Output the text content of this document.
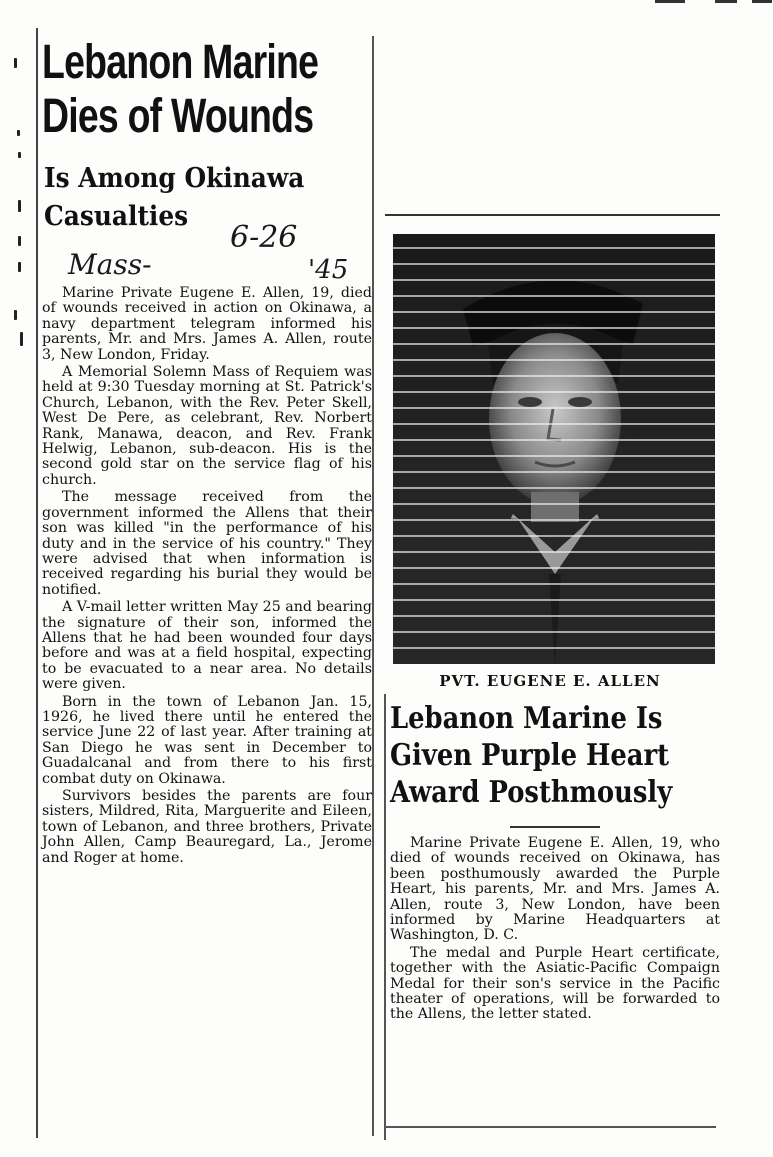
Lebanon Marine
Dies of Wounds
Is Among Okinawa
Casualties
6-26
Mass-	'45

Marine Private Eugene E. Allen, 19, died of wounds received in action on Okinawa, a navy department telegram informed his parents, Mr. and Mrs. James A. Allen, route 3, New London, Friday.

A Memorial Solemn Mass of Requiem was held at 9:30 Tuesday morning at St. Patrick's Church, Lebanon, with the Rev. Peter Skell, West De Pere, as celebrant, Rev. Norbert Rank, Manawa, deacon, and Rev. Frank Helwig, Lebanon, sub-deacon. His is the second gold star on the service flag of his church.

The message received from the government informed the Allens that their son was killed "in the performance of his duty and in the service of his country." They were advised that when information is received regarding his burial they would be notified.

A V-mail letter written May 25 and bearing the signature of their son, informed the Allens that he had been wounded four days before and was at a field hospital, expecting to be evacuated to a near area. No details were given.

Born in the town of Lebanon Jan. 15, 1926, he lived there until he entered the service June 22 of last year. After training at San Diego he was sent in December to Guadalcanal and from there to his first combat duty on Okinawa.

Survivors besides the parents are four sisters, Mildred, Rita, Marguerite and Eileen, town of Lebanon, and three brothers, Private John Allen, Camp Beauregard, La., Jerome and Roger at home.

PVT. EUGENE E. ALLEN
Lebanon Marine Is
Given Purple Heart
Award Posthmously

Marine Private Eugene E. Allen, 19, who died of wounds received on Okinawa, has been posthumously awarded the Purple Heart, his parents, Mr. and Mrs. James A. Allen, route 3, New London, have been informed by Marine Headquarters at Washington, D. C.

The medal and Purple Heart certificate, together with the Asiatic-Pacific Compaign Medal for their son's service in the Pacific theater of operations, will be forwarded to the Allens, the letter stated.
